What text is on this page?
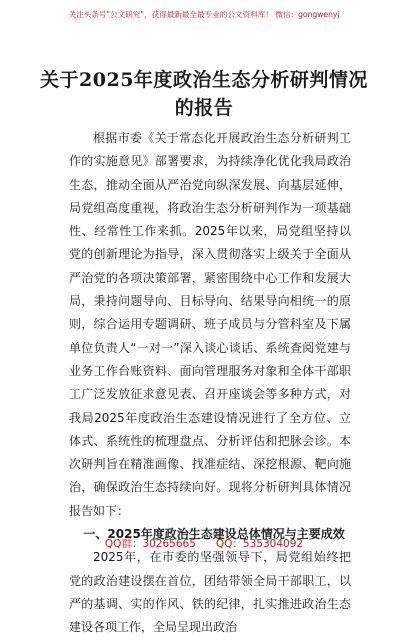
关注头条号"公文研究"，获得最新最全最专业的公文资料库！ 微信：gongwenyj
关于2025年度政治生态分析研判情况的报告

根据市委《关于常态化开展政治生态分析研判工作的实施意见》部署要求，为持续净化优化我局政治生态，推动全面从严治党向纵深发展、向基层延伸，局党组高度重视，将政治生态分析研判作为一项基础性、经常性工作来抓。2025年以来，局党组坚持以党的创新理论为指导，深入贯彻落实上级关于全面从严治党的各项决策部署，紧密围绕中心工作和发展大局，秉持问题导向、目标导向、结果导向相统一的原则，综合运用专题调研、班子成员与分管科室及下属单位负责人“一对一”深入谈心谈话、系统查阅党建与业务工作台账资料、面向管理服务对象和全体干部职工广泛发放征求意见表、召开座谈会等多种方式，对我局2025年度政治生态建设情况进行了全方位、立体式、系统性的梳理盘点、分析评估和把脉会诊。本次研判旨在精准画像、找准症结、深挖根源、靶向施治，确保政治生态持续向好。现将分析研判具体情况报告如下：

一、2025年度政治生态建设总体情况与主要成效

2025年，在市委的坚强领导下，局党组始终把党的政治建设摆在首位，团结带领全局干部职工，以严的基调、实的作风、铁的纪律，扎实推进政治生态建设各项工作，全局呈现出政治

QQ群：30265665 QQ：535304092
